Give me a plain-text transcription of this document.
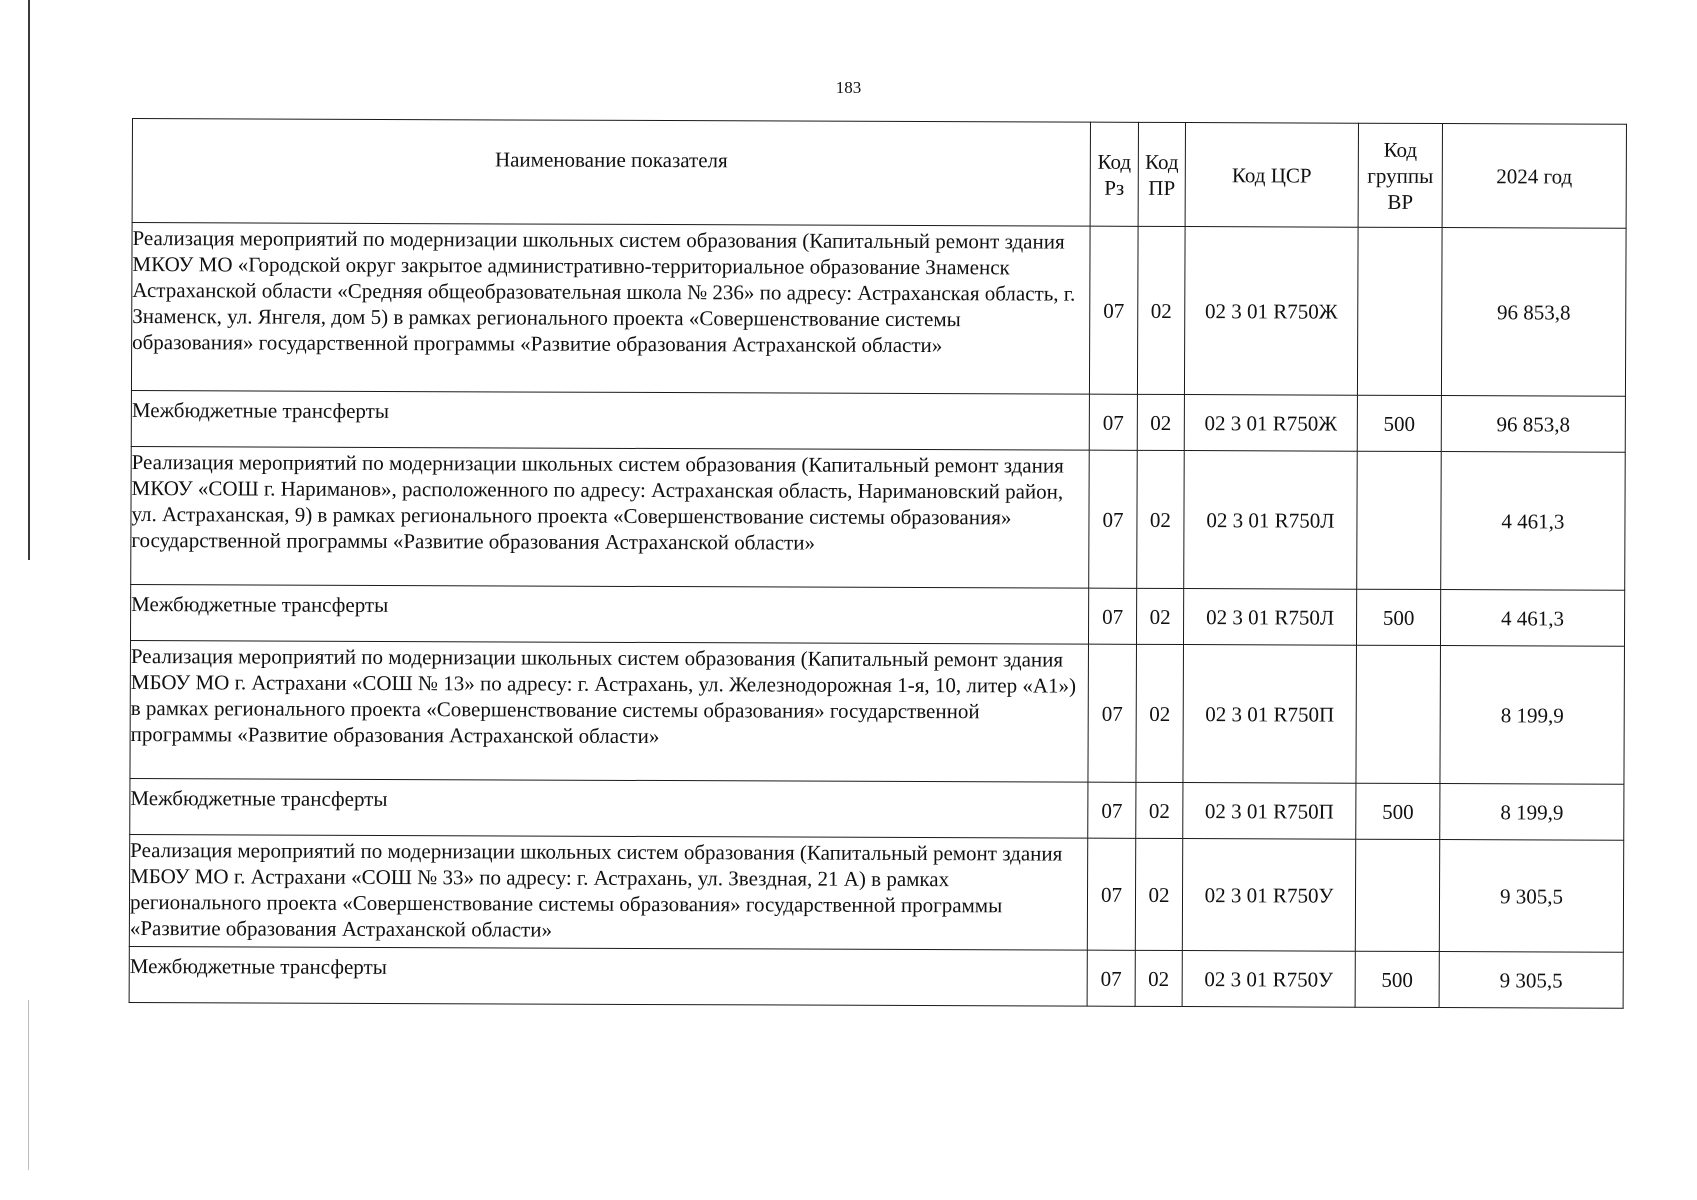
183
Наименование показателя	Код Рз	Код ПР	Код ЦСР	Код группы ВР	2024 год
Реализация мероприятий по модернизации школьных систем образования (Капитальный ремонт здания МКОУ МО «Городской округ закрытое административно-территориальное образование Знаменск Астраханской области «Средняя общеобразовательная школа № 236» по адресу: Астраханская область, г. Знаменск, ул. Янгеля, дом 5) в рамках регионального проекта «Совершенствование системы образования» государственной программы «Развитие образования Астраханской области»	07	02	02 3 01 R750Ж		96 853,8
Межбюджетные трансферты	07	02	02 3 01 R750Ж	500	96 853,8
Реализация мероприятий по модернизации школьных систем образования (Капитальный ремонт здания МКОУ «СОШ г. Нариманов», расположенного по адресу: Астраханская область, Наримановский район, ул. Астраханская, 9) в рамках регионального проекта «Совершенствование системы образования» государственной программы «Развитие образования Астраханской области»	07	02	02 3 01 R750Л		4 461,3
Межбюджетные трансферты	07	02	02 3 01 R750Л	500	4 461,3
Реализация мероприятий по модернизации школьных систем образования (Капитальный ремонт здания МБОУ МО г. Астрахани «СОШ № 13» по адресу: г. Астрахань, ул. Железнодорожная 1-я, 10, литер «А1») в рамках регионального проекта «Совершенствование системы образования» государственной программы «Развитие образования Астраханской области»	07	02	02 3 01 R750П		8 199,9
Межбюджетные трансферты	07	02	02 3 01 R750П	500	8 199,9
Реализация мероприятий по модернизации школьных систем образования (Капитальный ремонт здания МБОУ МО г. Астрахани «СОШ № 33» по адресу: г. Астрахань, ул. Звездная, 21 А) в рамках регионального проекта «Совершенствование системы образования» государственной программы «Развитие образования Астраханской области»	07	02	02 3 01 R750У		9 305,5
Межбюджетные трансферты	07	02	02 3 01 R750У	500	9 305,5
